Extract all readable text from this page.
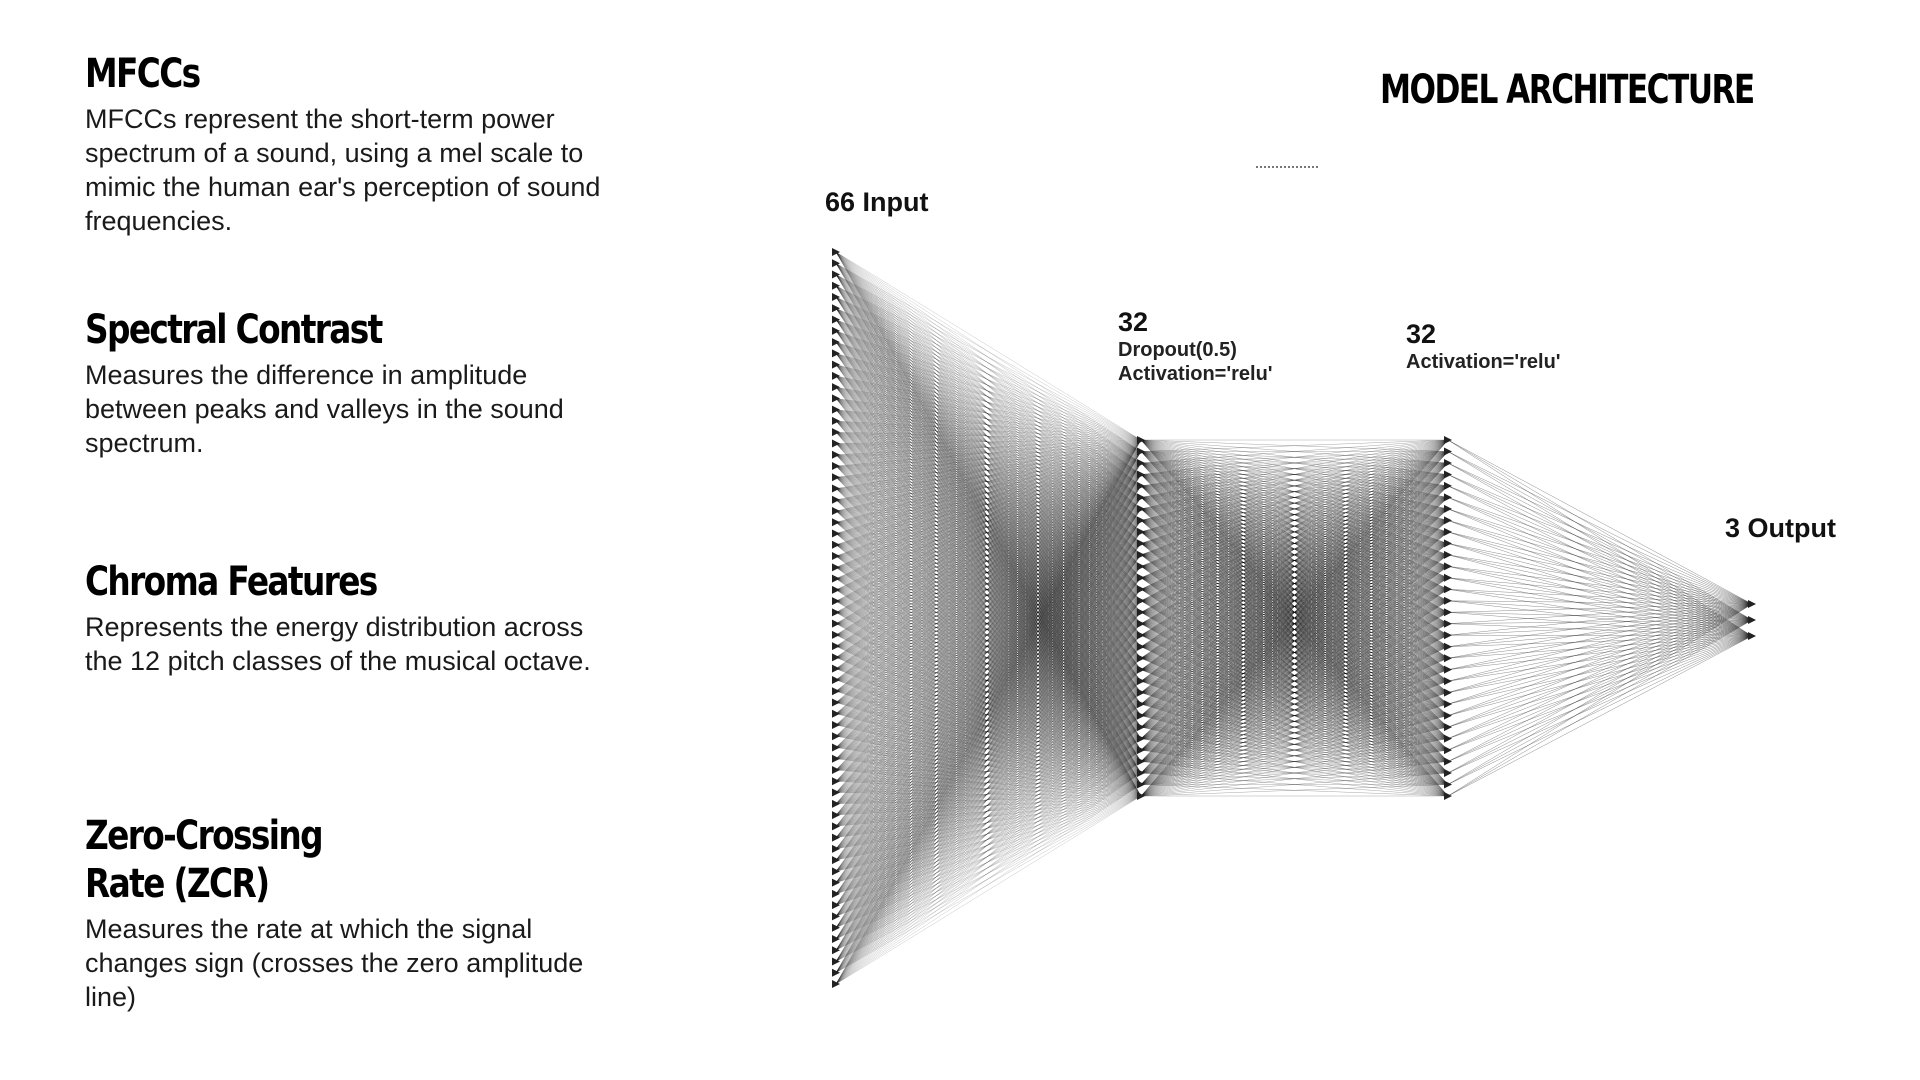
MFCCs
MFCCs represent the short-term power spectrum of a sound, using a mel scale to mimic the human ear's perception of sound frequencies.
Spectral Contrast
Measures the difference in amplitude between peaks and valleys in the sound spectrum.
Chroma Features
Represents the energy distribution across the 12 pitch classes of the musical octave.
Zero-Crossing
Rate (ZCR)
Measures the rate at which the signal changes sign (crosses the zero amplitude line)
MODEL ARCHITECTURE
66 Input
32
Dropout(0.5)
Activation='relu'
32
Activation='relu'
3 Output
